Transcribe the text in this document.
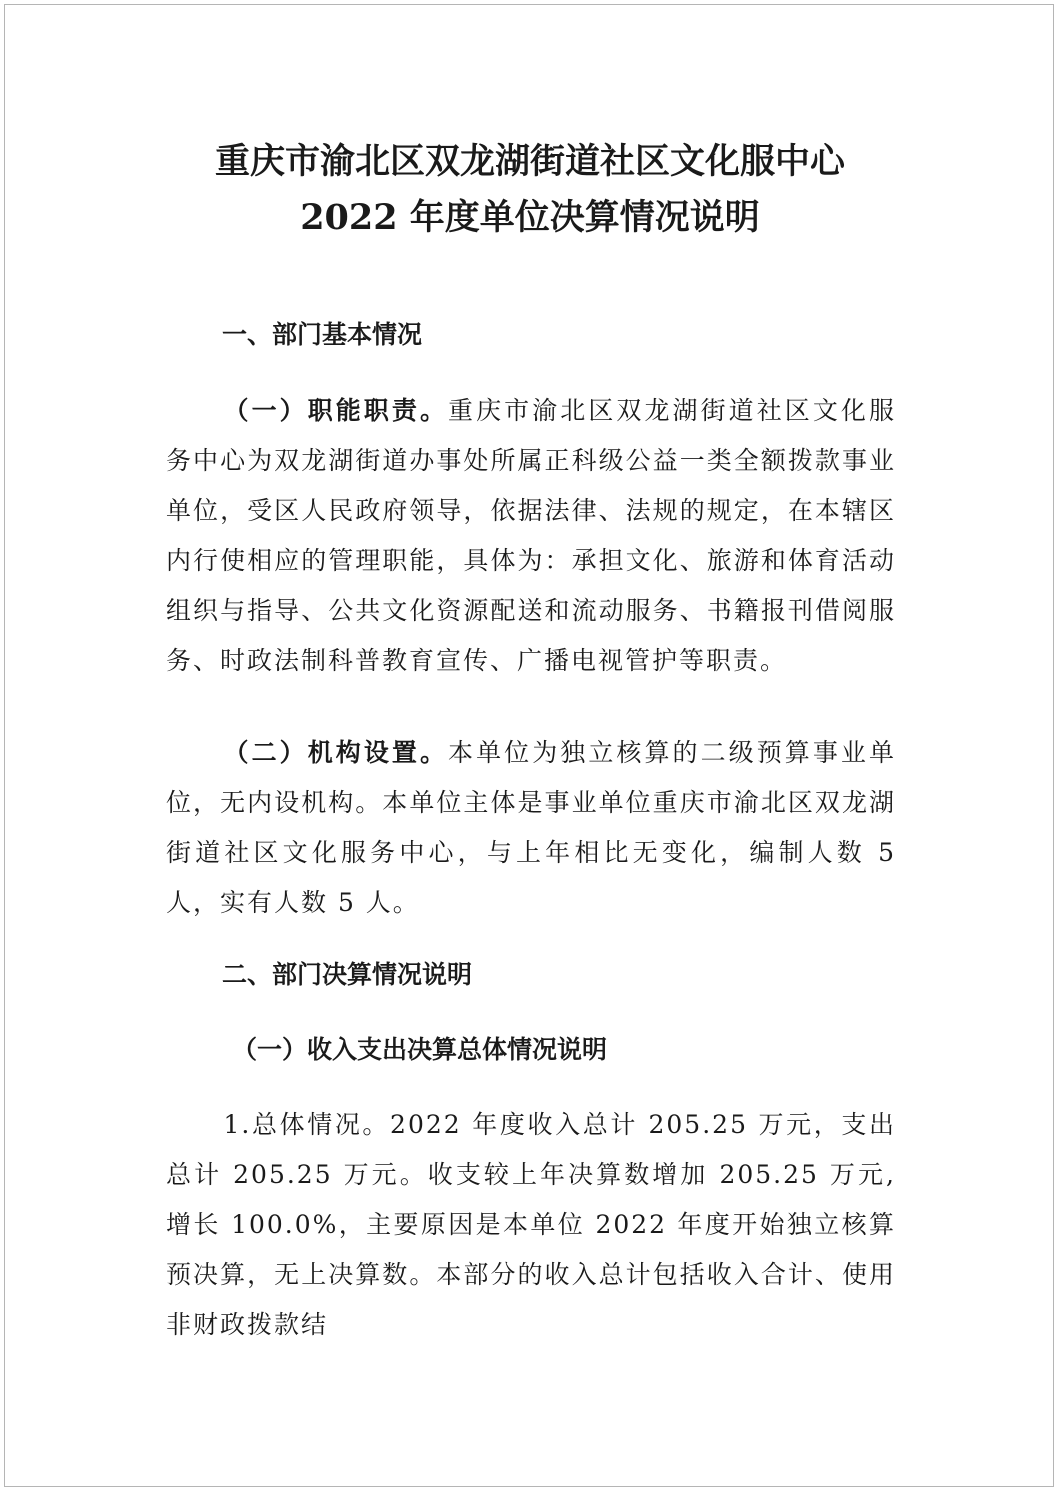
重庆市渝北区双龙湖街道社区文化服中心
2022 年度单位决算情况说明
一、部门基本情况
（一）职能职责。重庆市渝北区双龙湖街道社区文化服务中心为双龙湖街道办事处所属正科级公益一类全额拨款事业单位，受区人民政府领导，依据法律、法规的规定，在本辖区内行使相应的管理职能，具体为：承担文化、旅游和体育活动组织与指导、公共文化资源配送和流动服务、书籍报刊借阅服务、时政法制科普教育宣传、广播电视管护等职责。
（二）机构设置。本单位为独立核算的二级预算事业单位，无内设机构。本单位主体是事业单位重庆市渝北区双龙湖街道社区文化服务中心，与上年相比无变化，编制人数 5 人，实有人数 5 人。
二、部门决算情况说明
（一）收入支出决算总体情况说明
1.总体情况。2022 年度收入总计 205.25 万元，支出总计 205.25 万元。收支较上年决算数增加 205.25 万元,增长 100.0%，主要原因是本单位 2022 年度开始独立核算预决算，无上决算数。本部分的收入总计包括收入合计、使用非财政拨款结
